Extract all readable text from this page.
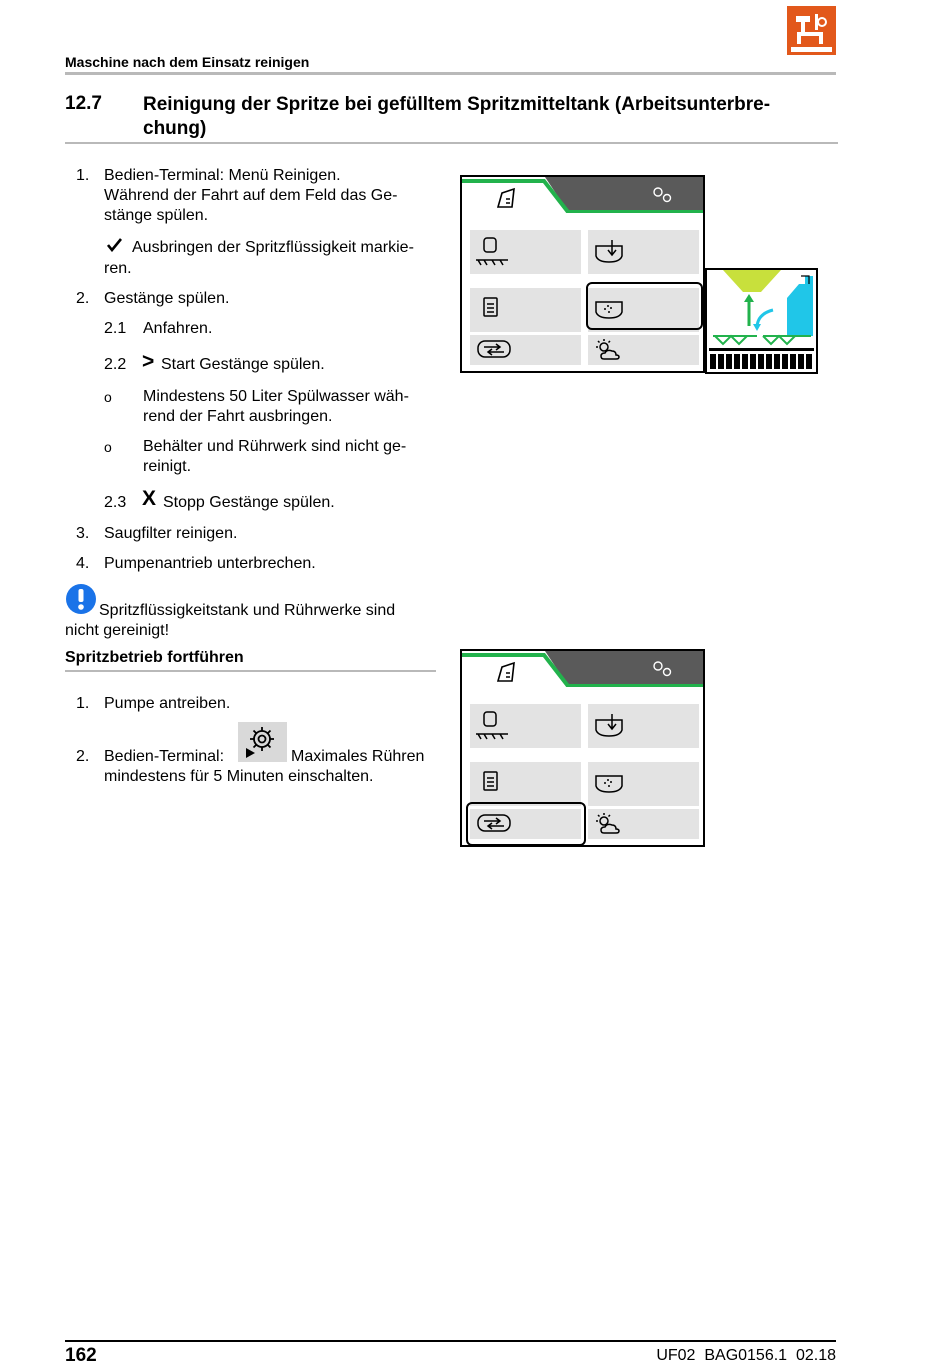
Maschine nach dem Einsatz reinigen
12.7 Reinigung der Spritze bei gefülltem Spritzmitteltank (Arbeitsunterbre-
chung)
1. Bedien-Terminal: Menü Reinigen.
Während der Fahrt auf dem Feld das Ge-
stänge spülen.
Ausbringen der Spritzflüssigkeit markie-
ren.
2. Gestänge spülen.
2.1 Anfahren.
2.2 > Start Gestänge spülen.
o Mindestens 50 Liter Spülwasser wäh-
rend der Fahrt ausbringen.
o Behälter und Rührwerk sind nicht ge-
reinigt.
2.3 X Stopp Gestänge spülen.
3. Saugfilter reinigen.
4. Pumpenantrieb unterbrechen.
Spritzflüssigkeitstank und Rührwerke sind
nicht gereinigt!
Spritzbetrieb fortführen
1. Pumpe antreiben.
2. Bedien-Terminal:	Maximales Rühren
mindestens für 5 Minuten einschalten.
162	UF02  BAG0156.1  02.18
